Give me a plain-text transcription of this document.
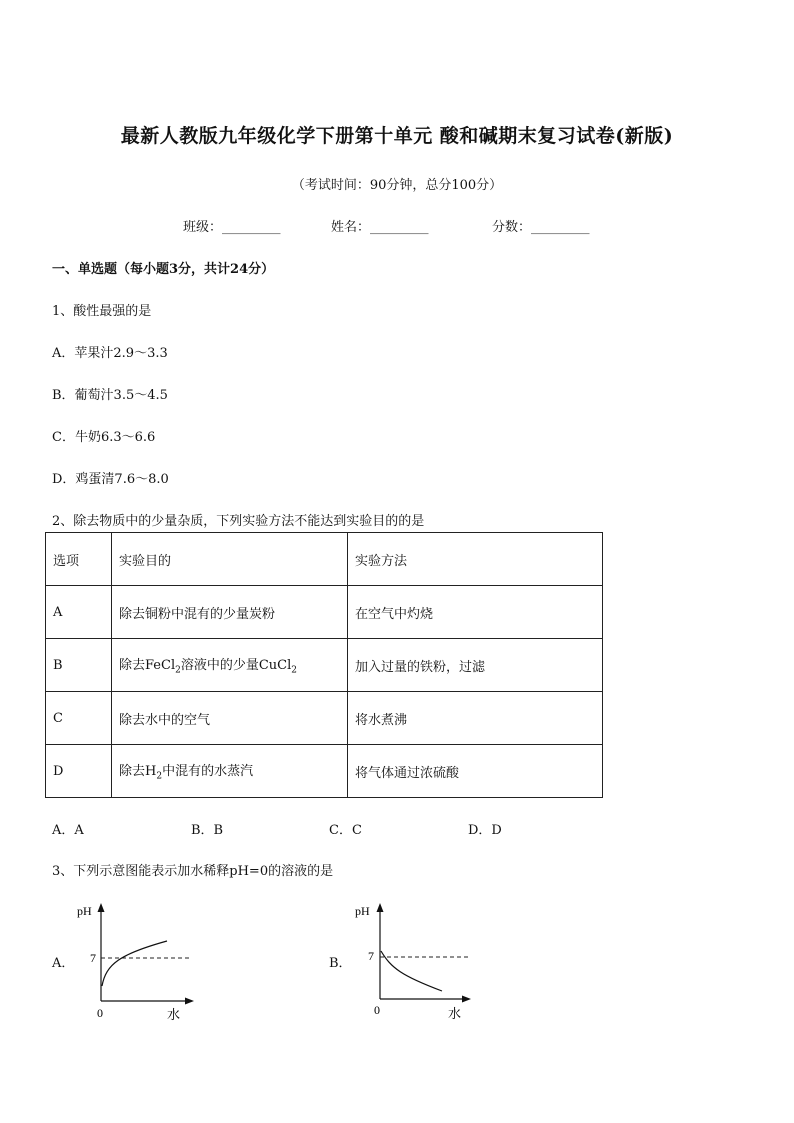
最新人教版九年级化学下册第十单元 酸和碱期末复习试卷(新版)
（考试时间：90分钟，总分100分）
班级：_________	姓名：_________	分数：_________
一、单选题（每小题3分，共计24分）
1、酸性最强的是
A．苹果汁2.9～3.3
B．葡萄汁3.5～4.5
C．牛奶6.3～6.6
D．鸡蛋清7.6～8.0
2、除去物质中的少量杂质，下列实验方法不能达到实验目的的是
选项	实验目的	实验方法
A	除去铜粉中混有的少量炭粉	在空气中灼烧
B	除去FeCl$_2$溶液中的少量CuCl$_2$	加入过量的铁粉，过滤
C	除去水中的空气	将水煮沸
D	除去$H_2$中混有的水蒸汽	将气体通过浓硫酸
A．A	B．B	C．C	D．D
3、下列示意图能表示加水稀释pH=0的溶液的是
A．
pH
7
0	水
B．
pH
7
0	水
